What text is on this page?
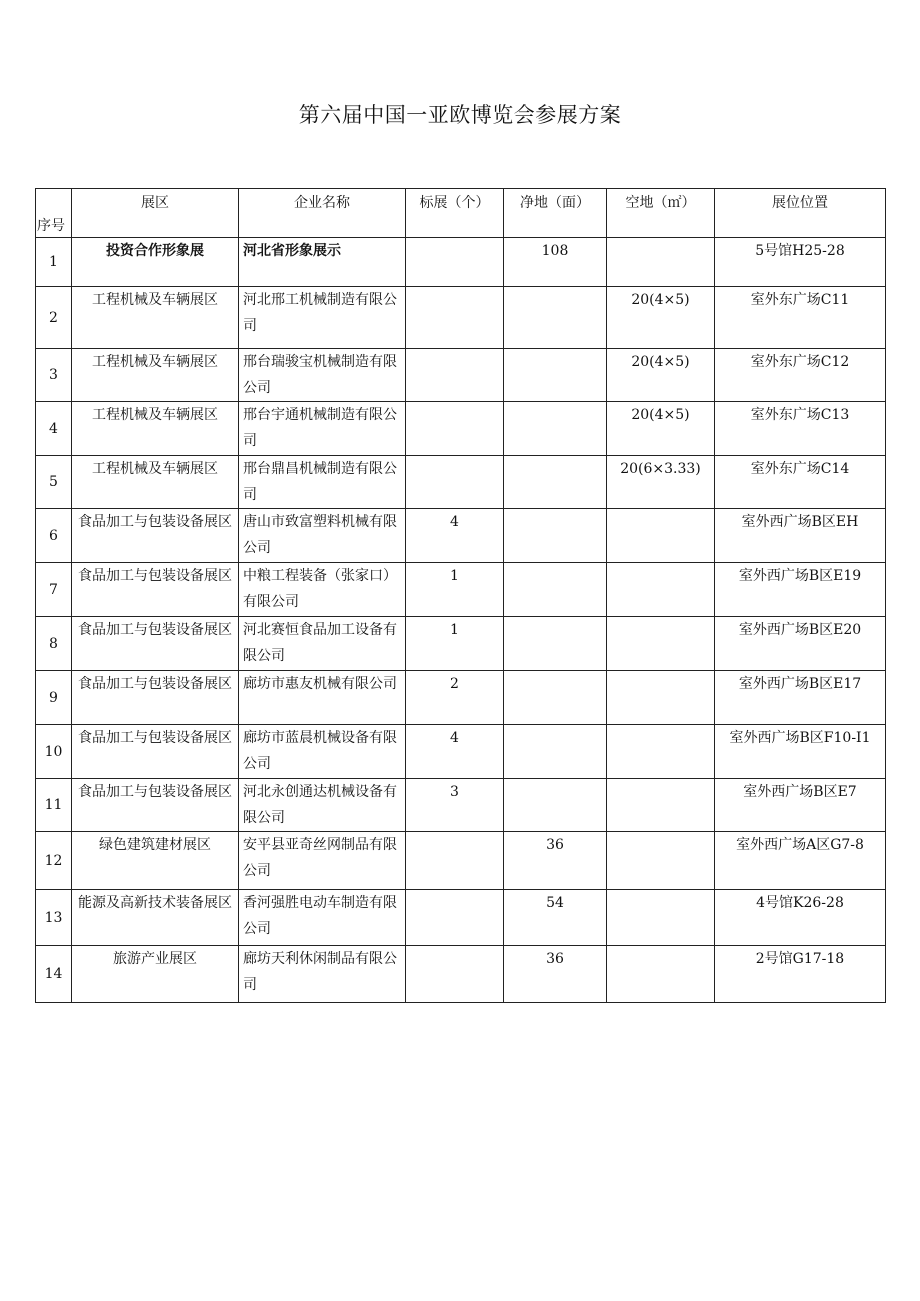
第六届中国一亚欧博览会参展方案
序号	展区	企业名称	标展（个）	净地（面）	空地（㎡）	展位位置
1	投资合作形象展	河北省形象展示		108		5号馆H25-28
2	工程机械及车辆展区	河北邢工机械制造有限公司			20(4×5)	室外东广场C11
3	工程机械及车辆展区	邢台瑞骏宝机械制造有限公司			20(4×5)	室外东广场C12
4	工程机械及车辆展区	邢台宇通机械制造有限公司			20(4×5)	室外东广场C13
5	工程机械及车辆展区	邢台鼎昌机械制造有限公司			20(6×3.33)	室外东广场C14
6	食品加工与包装设备展区	唐山市致富塑料机械有限公司	4			室外西广场B区EH
7	食品加工与包装设备展区	中粮工程装备（张家口）有限公司	1			室外西广场B区E19
8	食品加工与包装设备展区	河北赛恒食品加工设备有限公司	1			室外西广场B区E20
9	食品加工与包装设备展区	廊坊市惠友机械有限公司	2			室外西广场B区E17
10	食品加工与包装设备展区	廊坊市蓝晨机械设备有限公司	4			室外西广场B区F10-I1
11	食品加工与包装设备展区	河北永创通达机械设备有限公司	3			室外西广场B区E7
12	绿色建筑建材展区	安平县亚奇丝网制品有限公司		36		室外西广场A区G7-8
13	能源及高新技术装备展区	香河强胜电动车制造有限公司		54		4号馆K26-28
14	旅游产业展区	廊坊天利休闲制品有限公司		36		2号馆G17-18
